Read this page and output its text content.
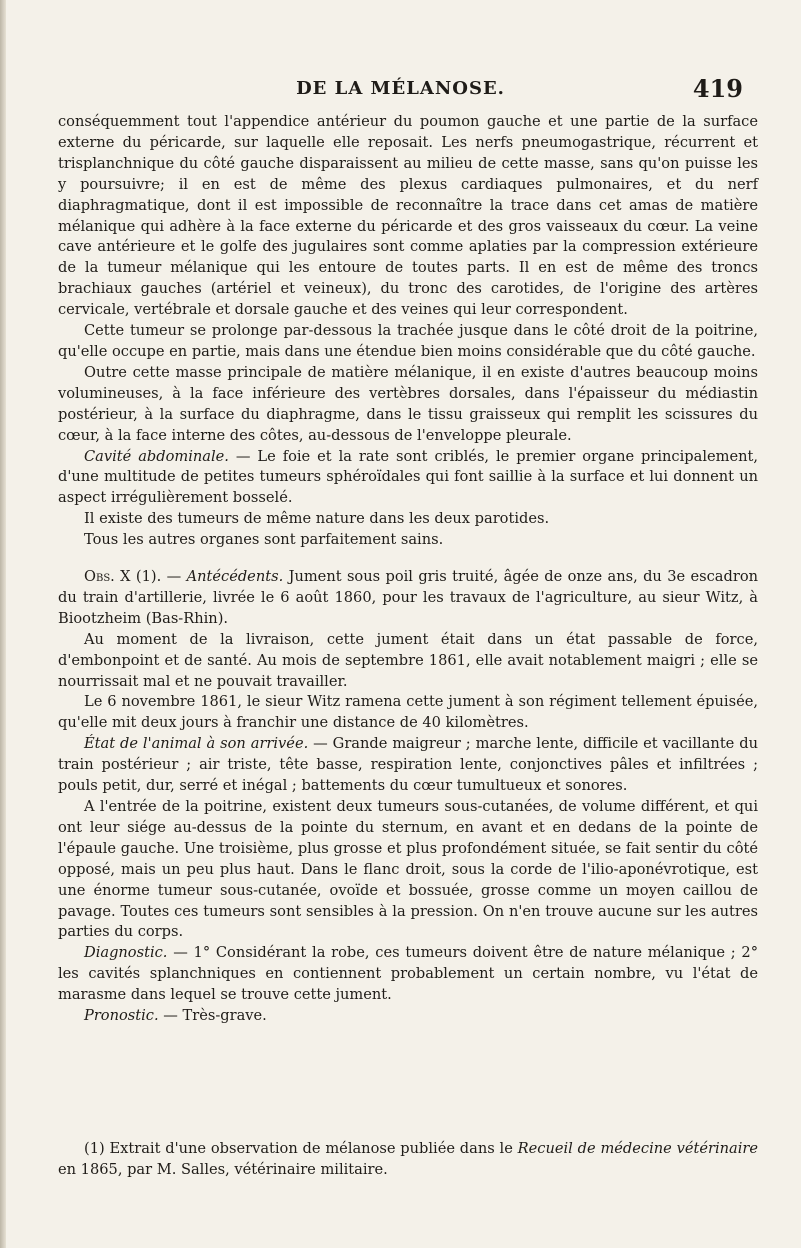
DE LA MÉLANOSE.	419

conséquemment tout l'appendice antérieur du poumon gauche et une partie de la surface externe du péricarde, sur laquelle elle reposait. Les nerfs pneumogastrique, récurrent et trisplanchnique du côté gauche disparaissent au milieu de cette masse, sans qu'on puisse les y poursuivre; il en est de même des plexus cardiaques pulmonaires, et du nerf diaphragmatique, dont il est impossible de reconnaître la trace dans cet amas de matière mélanique qui adhère à la face externe du péricarde et des gros vaisseaux du cœur. La veine cave antérieure et le golfe des jugulaires sont comme aplaties par la compression extérieure de la tumeur mélanique qui les entoure de toutes parts. Il en est de même des troncs brachiaux gauches (artériel et veineux), du tronc des carotides, de l'origine des artères cervicale, vertébrale et dorsale gauche et des veines qui leur correspondent.

Cette tumeur se prolonge par-dessous la trachée jusque dans le côté droit de la poitrine, qu'elle occupe en partie, mais dans une étendue bien moins considérable que du côté gauche.

Outre cette masse principale de matière mélanique, il en existe d'autres beaucoup moins volumineuses, à la face inférieure des vertèbres dorsales, dans l'épaisseur du médiastin postérieur, à la surface du diaphragme, dans le tissu graisseux qui remplit les scissures du cœur, à la face interne des côtes, au-dessous de l'enveloppe pleurale.

Cavité abdominale. — Le foie et la rate sont criblés, le premier organe principalement, d'une multitude de petites tumeurs sphéroïdales qui font saillie à la surface et lui donnent un aspect irrégulièrement bosselé.

Il existe des tumeurs de même nature dans les deux parotides.

Tous les autres organes sont parfaitement sains.

Obs. X (1). — Antécédents. Jument sous poil gris truité, âgée de onze ans, du 3e escadron du train d'artillerie, livrée le 6 août 1860, pour les travaux de l'agriculture, au sieur Witz, à Biootzheim (Bas-Rhin).

Au moment de la livraison, cette jument était dans un état passable de force, d'embonpoint et de santé. Au mois de septembre 1861, elle avait notablement maigri ; elle se nourrissait mal et ne pouvait travailler.

Le 6 novembre 1861, le sieur Witz ramena cette jument à son régiment tellement épuisée, qu'elle mit deux jours à franchir une distance de 40 kilomètres.

État de l'animal à son arrivée. — Grande maigreur ; marche lente, difficile et vacillante du train postérieur ; air triste, tête basse, respiration lente, conjonctives pâles et infiltrées ; pouls petit, dur, serré et inégal ; battements du cœur tumultueux et sonores.

A l'entrée de la poitrine, existent deux tumeurs sous-cutanées, de volume différent, et qui ont leur siége au-dessus de la pointe du sternum, en avant et en dedans de la pointe de l'épaule gauche. Une troisième, plus grosse et plus profondément située, se fait sentir du côté opposé, mais un peu plus haut. Dans le flanc droit, sous la corde de l'ilio-aponévrotique, est une énorme tumeur sous-cutanée, ovoïde et bossuée, grosse comme un moyen caillou de pavage. Toutes ces tumeurs sont sensibles à la pression. On n'en trouve aucune sur les autres parties du corps.

Diagnostic. — 1° Considérant la robe, ces tumeurs doivent être de nature mélanique ; 2° les cavités splanchniques en contiennent probablement un certain nombre, vu l'état de marasme dans lequel se trouve cette jument.

Pronostic. — Très-grave.

(1) Extrait d'une observation de mélanose publiée dans le Recueil de médecine vétérinaire en 1865, par M. Salles, vétérinaire militaire.
